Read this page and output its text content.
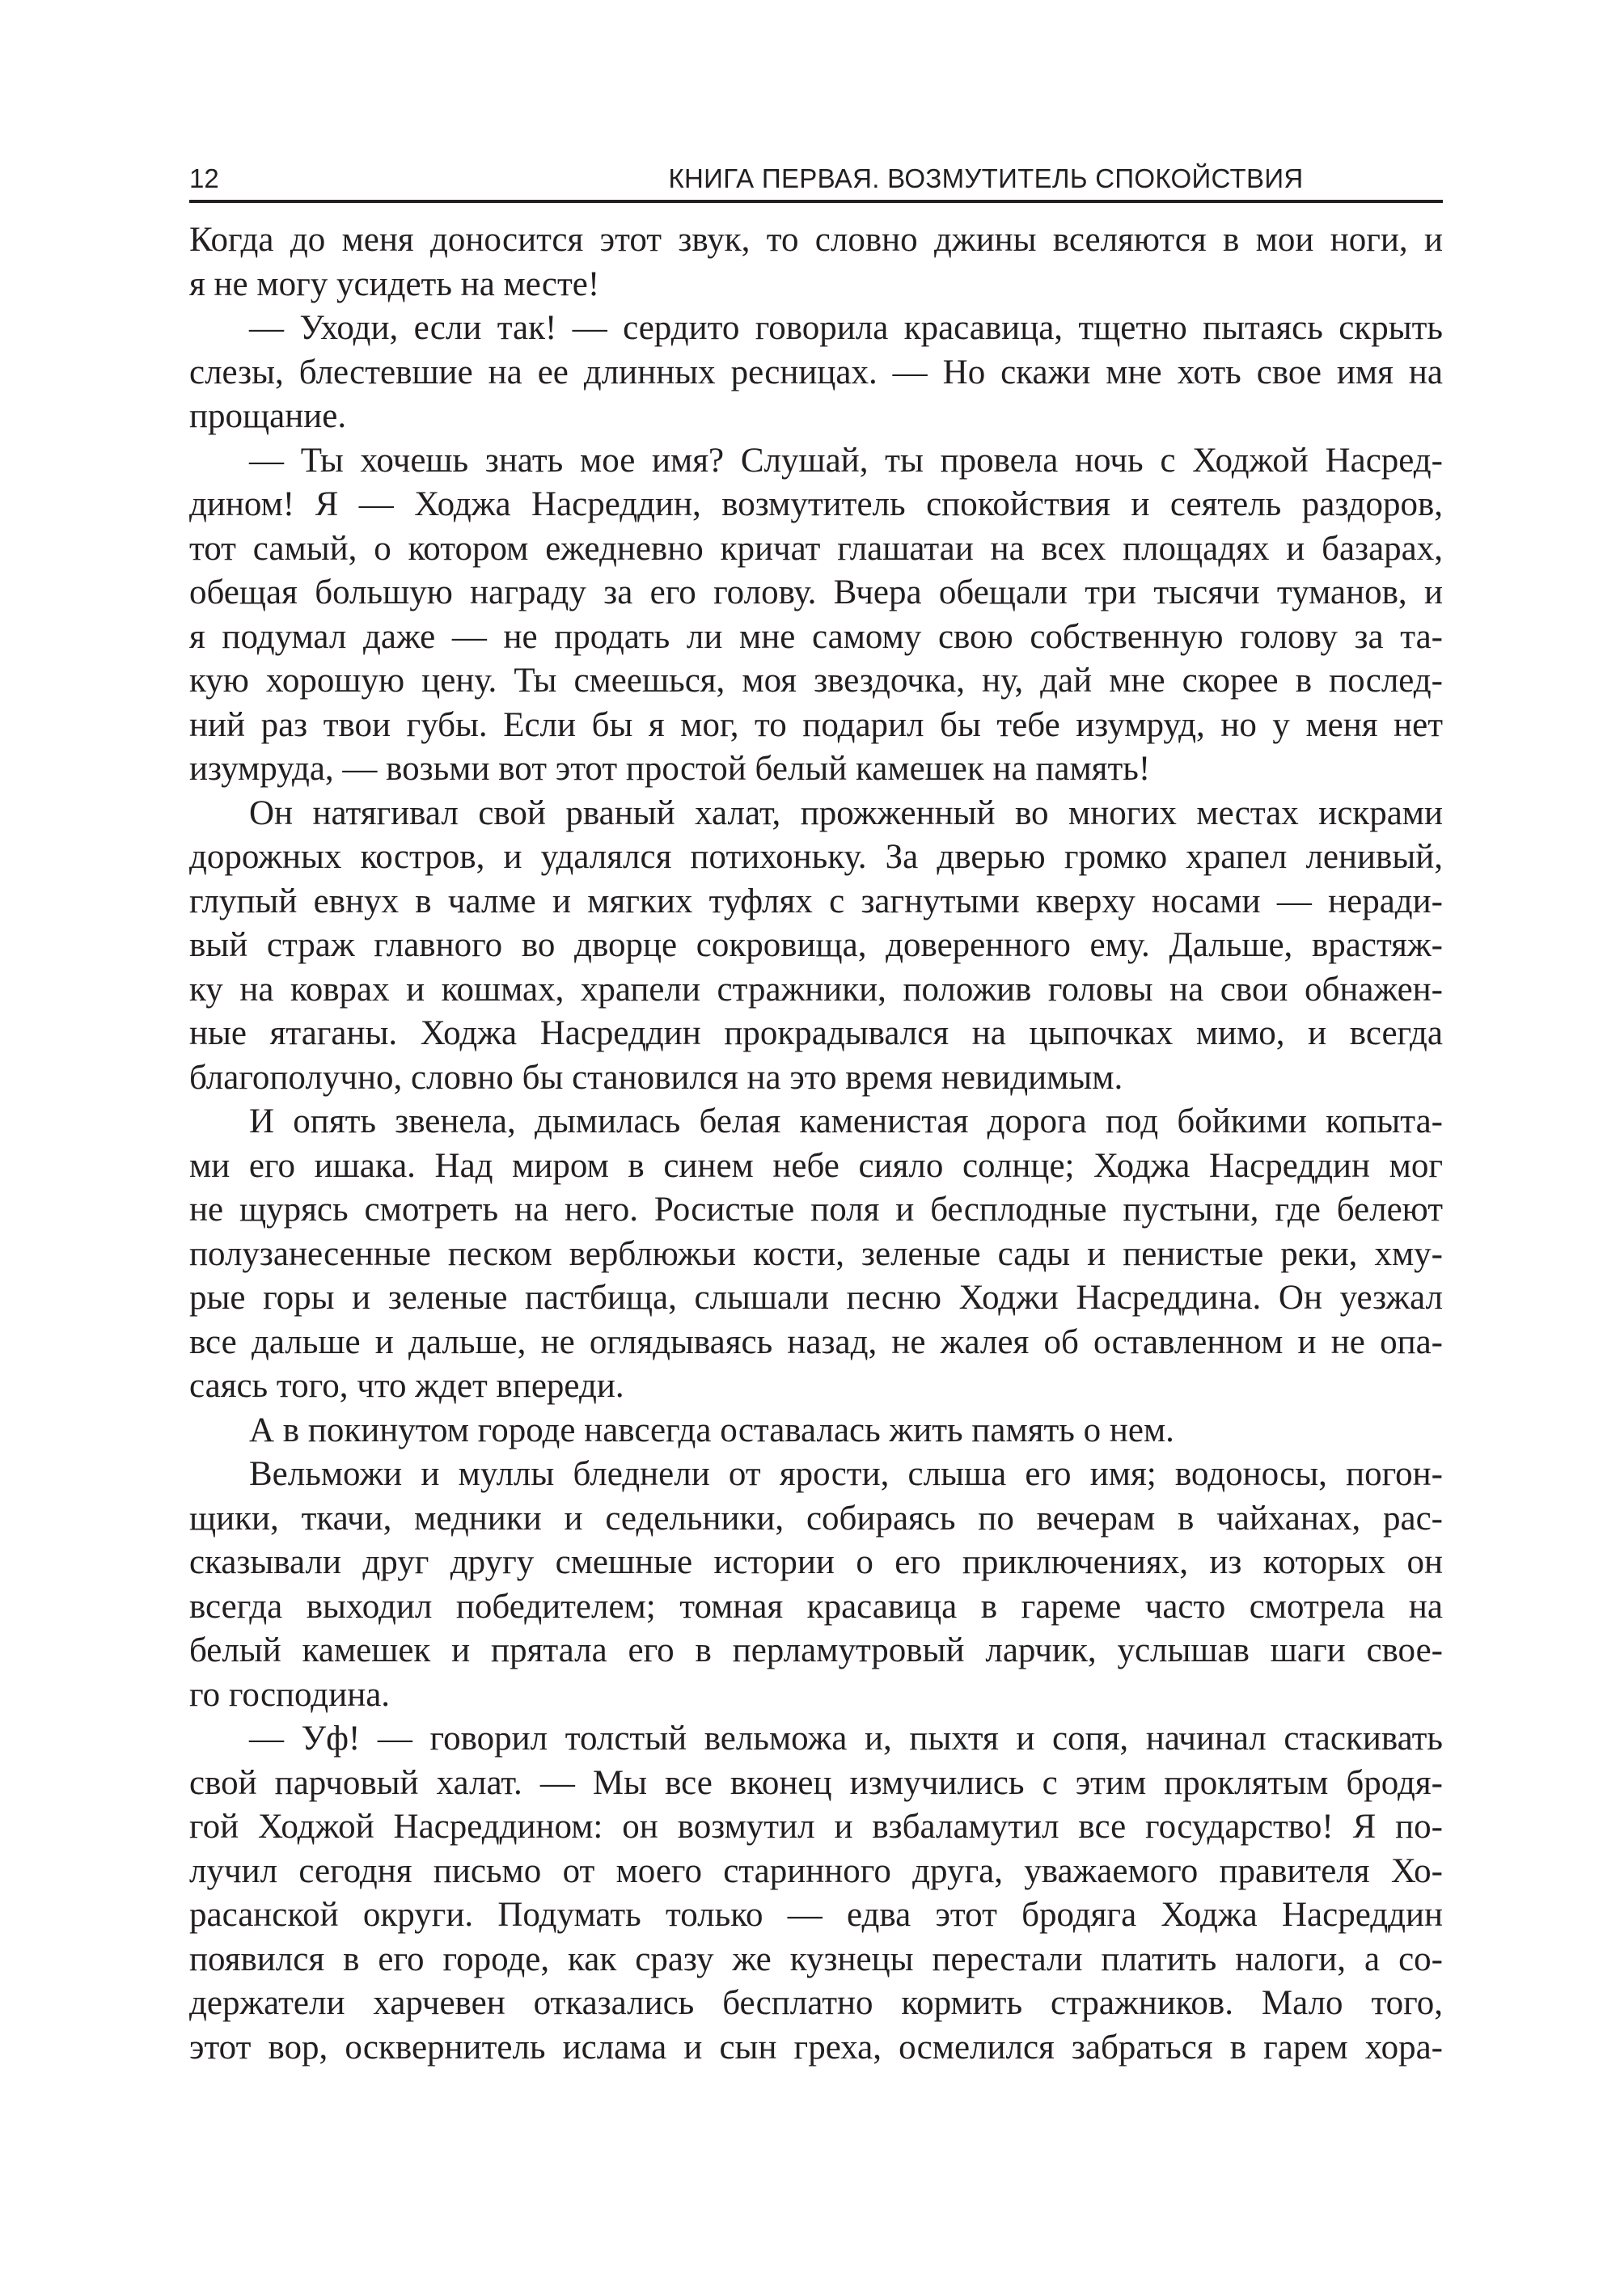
12	КНИГА ПЕРВАЯ. ВОЗМУТИТЕЛЬ СПОКОЙСТВИЯ
Когда до меня доносится этот звук, то словно джины вселяются в мои ноги, и
я не могу усидеть на месте!
— Уходи, если так! — сердито говорила красавица, тщетно пытаясь скрыть
слезы, блестевшие на ее длинных ресницах. — Но скажи мне хоть свое имя на
прощание.
— Ты хочешь знать мое имя? Слушай, ты провела ночь с Ходжой Насред-
дином! Я — Ходжа Насреддин, возмутитель спокойствия и сеятель раздоров,
тот самый, о котором ежедневно кричат глашатаи на всех площадях и базарах,
обещая большую награду за его голову. Вчера обещали три тысячи туманов, и
я подумал даже — не продать ли мне самому свою собственную голову за та-
кую хорошую цену. Ты смеешься, моя звездочка, ну, дай мне скорее в послед-
ний раз твои губы. Если бы я мог, то подарил бы тебе изумруд, но у меня нет
изумруда, — возьми вот этот простой белый камешек на память!
Он натягивал свой рваный халат, прожженный во многих местах искрами
дорожных костров, и удалялся потихоньку. За дверью громко храпел ленивый,
глупый евнух в чалме и мягких туфлях с загнутыми кверху носами — неради-
вый страж главного во дворце сокровища, доверенного ему. Дальше, врастяж-
ку на коврах и кошмах, храпели стражники, положив головы на свои обнажен-
ные ятаганы. Ходжа Насреддин прокрадывался на цыпочках мимо, и всегда
благополучно, словно бы становился на это время невидимым.
И опять звенела, дымилась белая каменистая дорога под бойкими копыта-
ми его ишака. Над миром в синем небе сияло солнце; Ходжа Насреддин мог
не щурясь смотреть на него. Росистые поля и бесплодные пустыни, где белеют
полузанесенные песком верблюжьи кости, зеленые сады и пенистые реки, хму-
рые горы и зеленые пастбища, слышали песню Ходжи Насреддина. Он уезжал
все дальше и дальше, не оглядываясь назад, не жалея об оставленном и не опа-
саясь того, что ждет впереди.
А в покинутом городе навсегда оставалась жить память о нем.
Вельможи и муллы бледнели от ярости, слыша его имя; водоносы, погон-
щики, ткачи, медники и седельники, собираясь по вечерам в чайханах, рас-
сказывали друг другу смешные истории о его приключениях, из которых он
всегда выходил победителем; томная красавица в гареме часто смотрела на
белый камешек и прятала его в перламутровый ларчик, услышав шаги свое-
го господина.
— Уф! — говорил толстый вельможа и, пыхтя и сопя, начинал стаскивать
свой парчовый халат. — Мы все вконец измучились с этим проклятым бродя-
гой Ходжой Насреддином: он возмутил и взбаламутил все государство! Я по-
лучил сегодня письмо от моего старинного друга, уважаемого правителя Хо-
расанской округи. Подумать только — едва этот бродяга Ходжа Насреддин
появился в его городе, как сразу же кузнецы перестали платить налоги, а со-
держатели харчевен отказались бесплатно кормить стражников. Мало того,
этот вор, осквернитель ислама и сын греха, осмелился забраться в гарем хора-
